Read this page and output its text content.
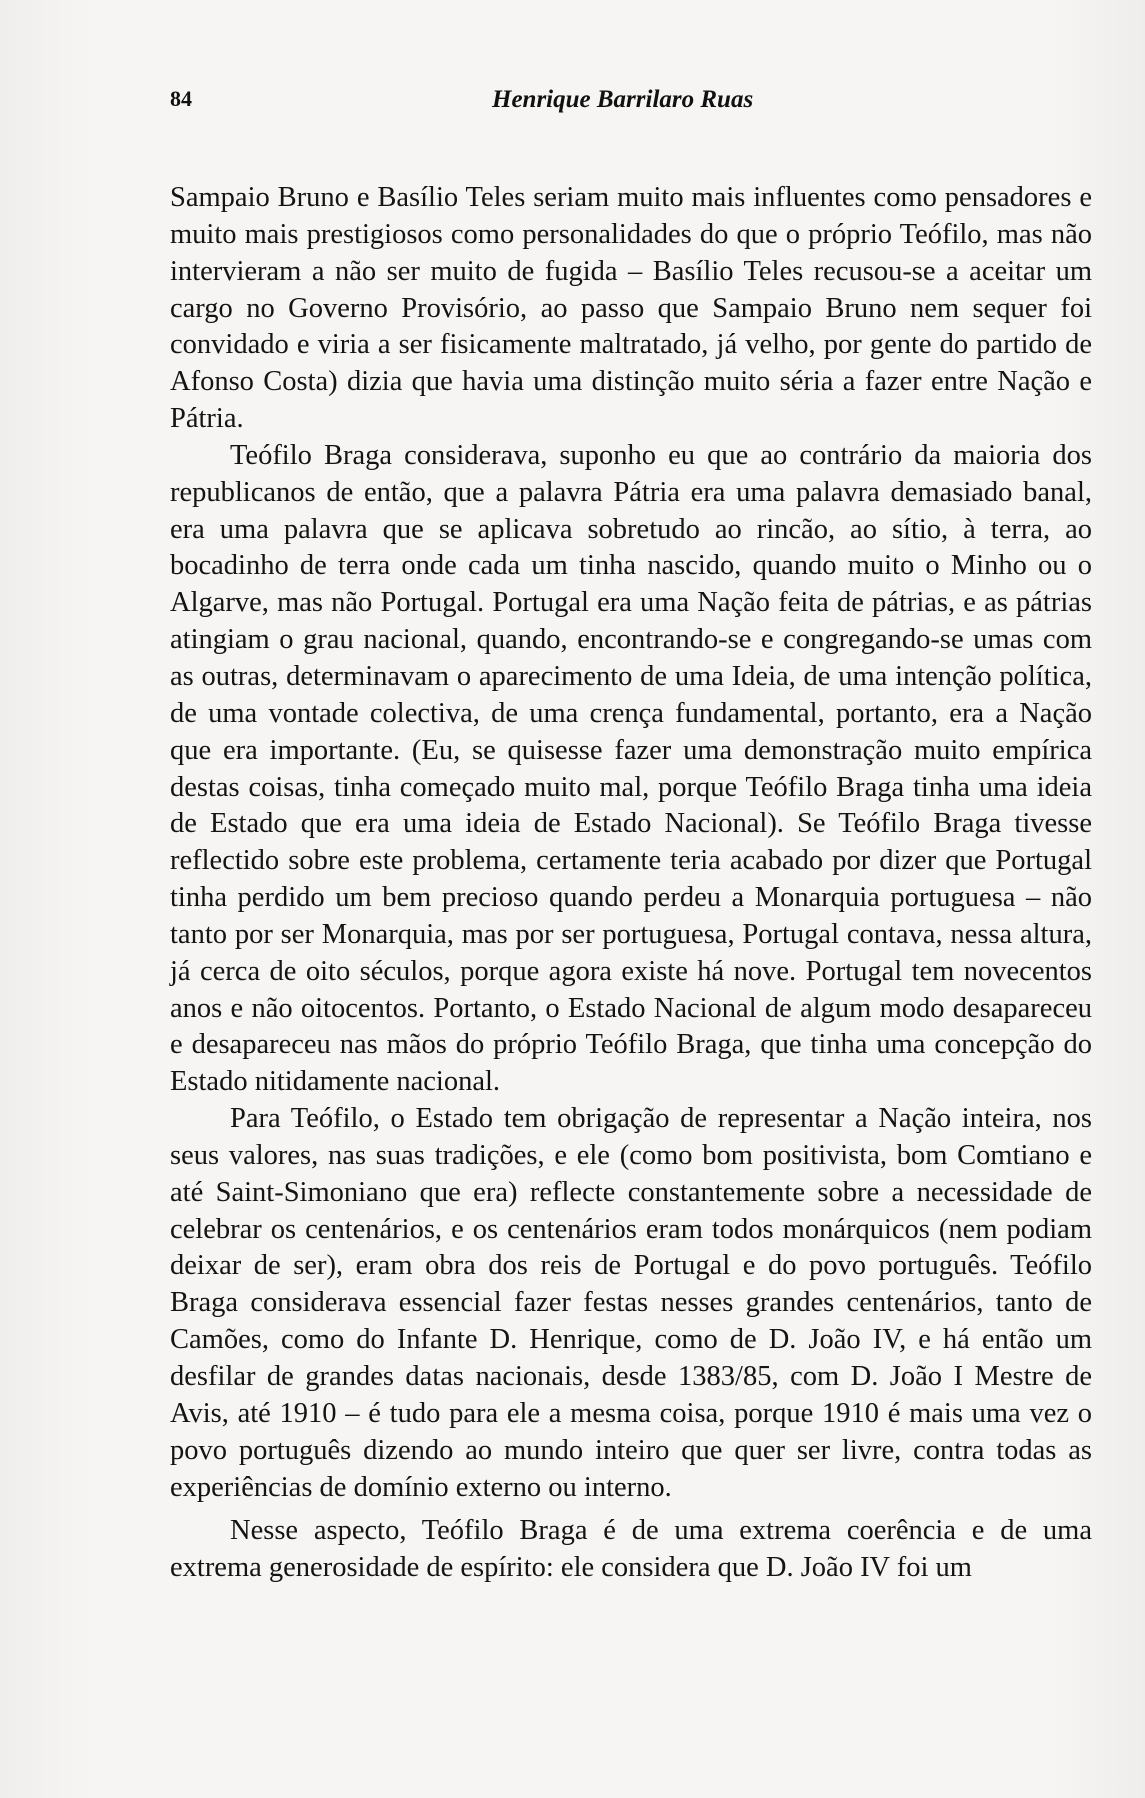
84	Henrique Barrilaro Ruas

Sampaio Bruno e Basílio Teles seriam muito mais influentes como pensadores e muito mais prestigiosos como personalidades do que o próprio Teófilo, mas não intervieram a não ser muito de fugida – Basílio Teles recusou-se a aceitar um cargo no Governo Provisório, ao passo que Sampaio Bruno nem sequer foi convidado e viria a ser fisicamente maltratado, já velho, por gente do partido de Afonso Costa) dizia que havia uma distinção muito séria a fazer entre Nação e Pátria.

Teófilo Braga considerava, suponho eu que ao contrário da maioria dos republicanos de então, que a palavra Pátria era uma palavra demasiado banal, era uma palavra que se aplicava sobretudo ao rincão, ao sítio, à terra, ao bocadinho de terra onde cada um tinha nascido, quando muito o Minho ou o Algarve, mas não Portugal. Portugal era uma Nação feita de pátrias, e as pátrias atingiam o grau nacional, quando, encontrando-se e congregando-se umas com as outras, determinavam o aparecimento de uma Ideia, de uma intenção política, de uma vontade colectiva, de uma crença fundamental, portanto, era a Nação que era importante. (Eu, se quisesse fazer uma demonstração muito empírica destas coisas, tinha começado muito mal, porque Teófilo Braga tinha uma ideia de Estado que era uma ideia de Estado Nacional). Se Teófilo Braga tivesse reflectido sobre este problema, certamente teria acabado por dizer que Portugal tinha perdido um bem precioso quando perdeu a Monarquia portuguesa – não tanto por ser Monarquia, mas por ser portuguesa, Portugal contava, nessa altura, já cerca de oito séculos, porque agora existe há nove. Portugal tem novecentos anos e não oitocentos. Portanto, o Estado Nacional de algum modo desapareceu e desapareceu nas mãos do próprio Teófilo Braga, que tinha uma concepção do Estado nitidamente nacional.

Para Teófilo, o Estado tem obrigação de representar a Nação inteira, nos seus valores, nas suas tradições, e ele (como bom positivista, bom Comtiano e até Saint-Simoniano que era) reflecte constantemente sobre a necessidade de celebrar os centenários, e os centenários eram todos monárquicos (nem podiam deixar de ser), eram obra dos reis de Portugal e do povo português. Teófilo Braga considerava essencial fazer festas nesses grandes centenários, tanto de Camões, como do Infante D. Henrique, como de D. João IV, e há então um desfilar de grandes datas nacionais, desde 1383/85, com D. João I Mestre de Avis, até 1910 – é tudo para ele a mesma coisa, porque 1910 é mais uma vez o povo português dizendo ao mundo inteiro que quer ser livre, contra todas as experiências de domínio externo ou interno.

Nesse aspecto, Teófilo Braga é de uma extrema coerência e de uma extrema generosidade de espírito: ele considera que D. João IV foi um
